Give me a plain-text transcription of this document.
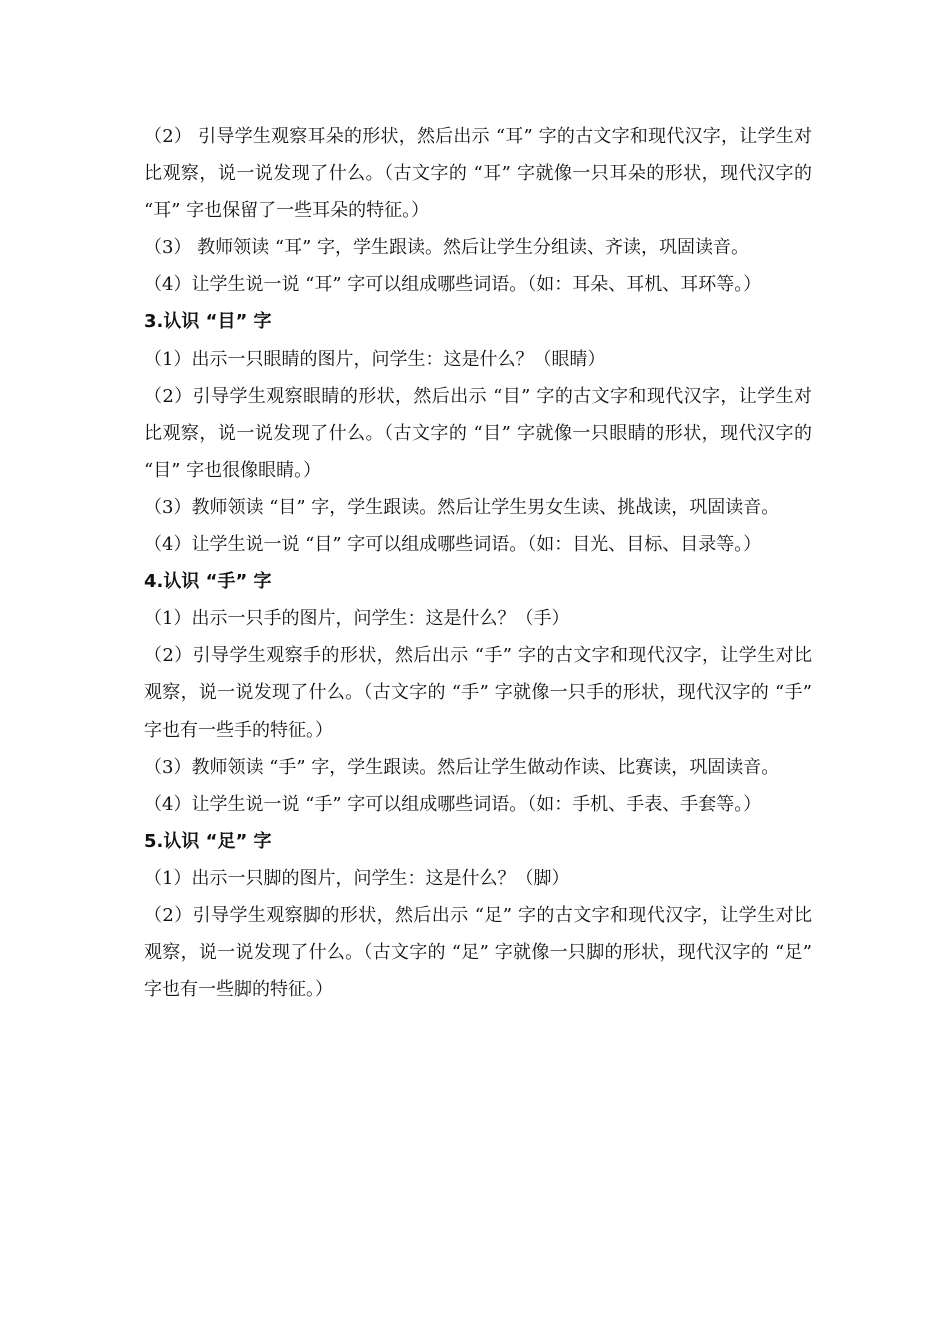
（2） 引导学生观察耳朵的形状，然后出示 “耳” 字的古文字和现代汉字，让学生对比观察，说一说发现了什么。（古文字的 “耳” 字就像一只耳朵的形状，现代汉字的 “耳” 字也保留了一些耳朵的特征。）

（3） 教师领读 “耳” 字，学生跟读。然后让学生分组读、齐读，巩固读音。

（4）让学生说一说 “耳” 字可以组成哪些词语。（如：耳朵、耳机、耳环等。）

3.认识 “目” 字

（1）出示一只眼睛的图片，问学生：这是什么？（眼睛）

（2）引导学生观察眼睛的形状，然后出示 “目” 字的古文字和现代汉字，让学生对比观察，说一说发现了什么。（古文字的 “目” 字就像一只眼睛的形状，现代汉字的 “目” 字也很像眼睛。）

（3）教师领读 “目” 字，学生跟读。然后让学生男女生读、挑战读，巩固读音。

（4）让学生说一说 “目” 字可以组成哪些词语。（如：目光、目标、目录等。）

4.认识 “手” 字

（1）出示一只手的图片，问学生：这是什么？（手）

（2）引导学生观察手的形状，然后出示 “手” 字的古文字和现代汉字，让学生对比观察，说一说发现了什么。（古文字的 “手” 字就像一只手的形状，现代汉字的 “手” 字也有一些手的特征。）

（3）教师领读 “手” 字，学生跟读。然后让学生做动作读、比赛读，巩固读音。

（4）让学生说一说 “手” 字可以组成哪些词语。（如：手机、手表、手套等。）

5.认识 “足” 字

（1）出示一只脚的图片，问学生：这是什么？（脚）

（2）引导学生观察脚的形状，然后出示 “足” 字的古文字和现代汉字，让学生对比观察，说一说发现了什么。（古文字的 “足” 字就像一只脚的形状，现代汉字的 “足” 字也有一些脚的特征。）
